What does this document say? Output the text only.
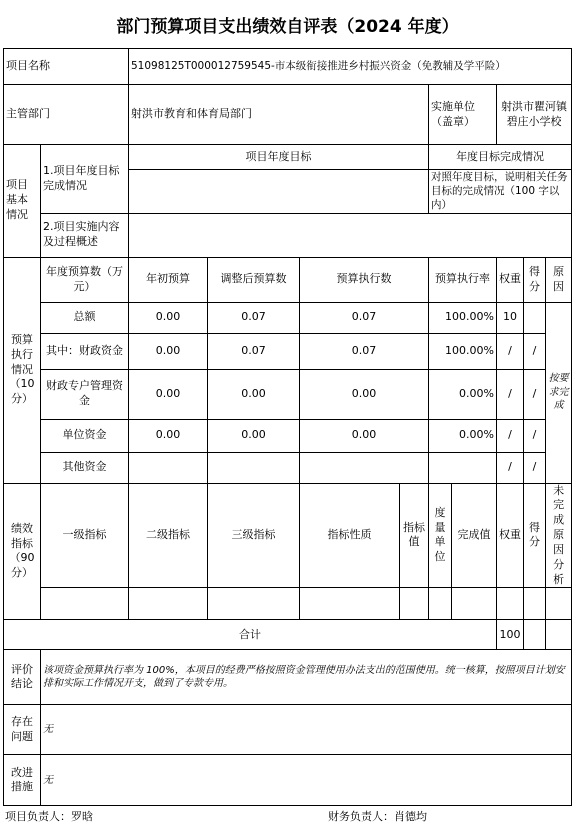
部门预算项目支出绩效自评表（2024 年度）
项目名称		51098125T000012759545-市本级衔接推进乡村振兴资金（免教辅及学平险）								
主管部门		射洪市教育和体育局部门				实施单位（盖章）		射洪市瞿河镇碧庄小学校		
项目基本情况	1.项目年度目标完成情况	项目年度目标				年度目标完成情况				
						对照年度目标，说明相关任务目标的完成情况（100 字以内）				
	2.项目实施内容及过程概述									
预算执行情况（10分）	年度预算数（万元）	年初预算	调整后预算数	预算执行数		预算执行率		权重	得分	原因
	总额	0.00	0.07	0.07		100.00%		10		按要求完成
	其中：财政资金	0.00	0.07	0.07		100.00%		/	/	
	财政专户管理资金	0.00	0.00	0.00		0.00%		/	/	
	单位资金	0.00	0.00	0.00		0.00%		/	/	
	其他资金							/	/	
绩效指标（90分）	一级指标	二级指标	三级指标	指标性质	指标值	度量单位	完成值	权重	得分	未完成原因分析

合计								100		
评价结论	该项资金预算执行率为 100%，本项目的经费严格按照资金管理使用办法支出的范围使用。统一核算，按照项目计划安排和实际工作情况开支，做到了专款专用。									
存在问题	无									
改进措施	无									
项目负责人：罗晗	财务负责人：肖德均
